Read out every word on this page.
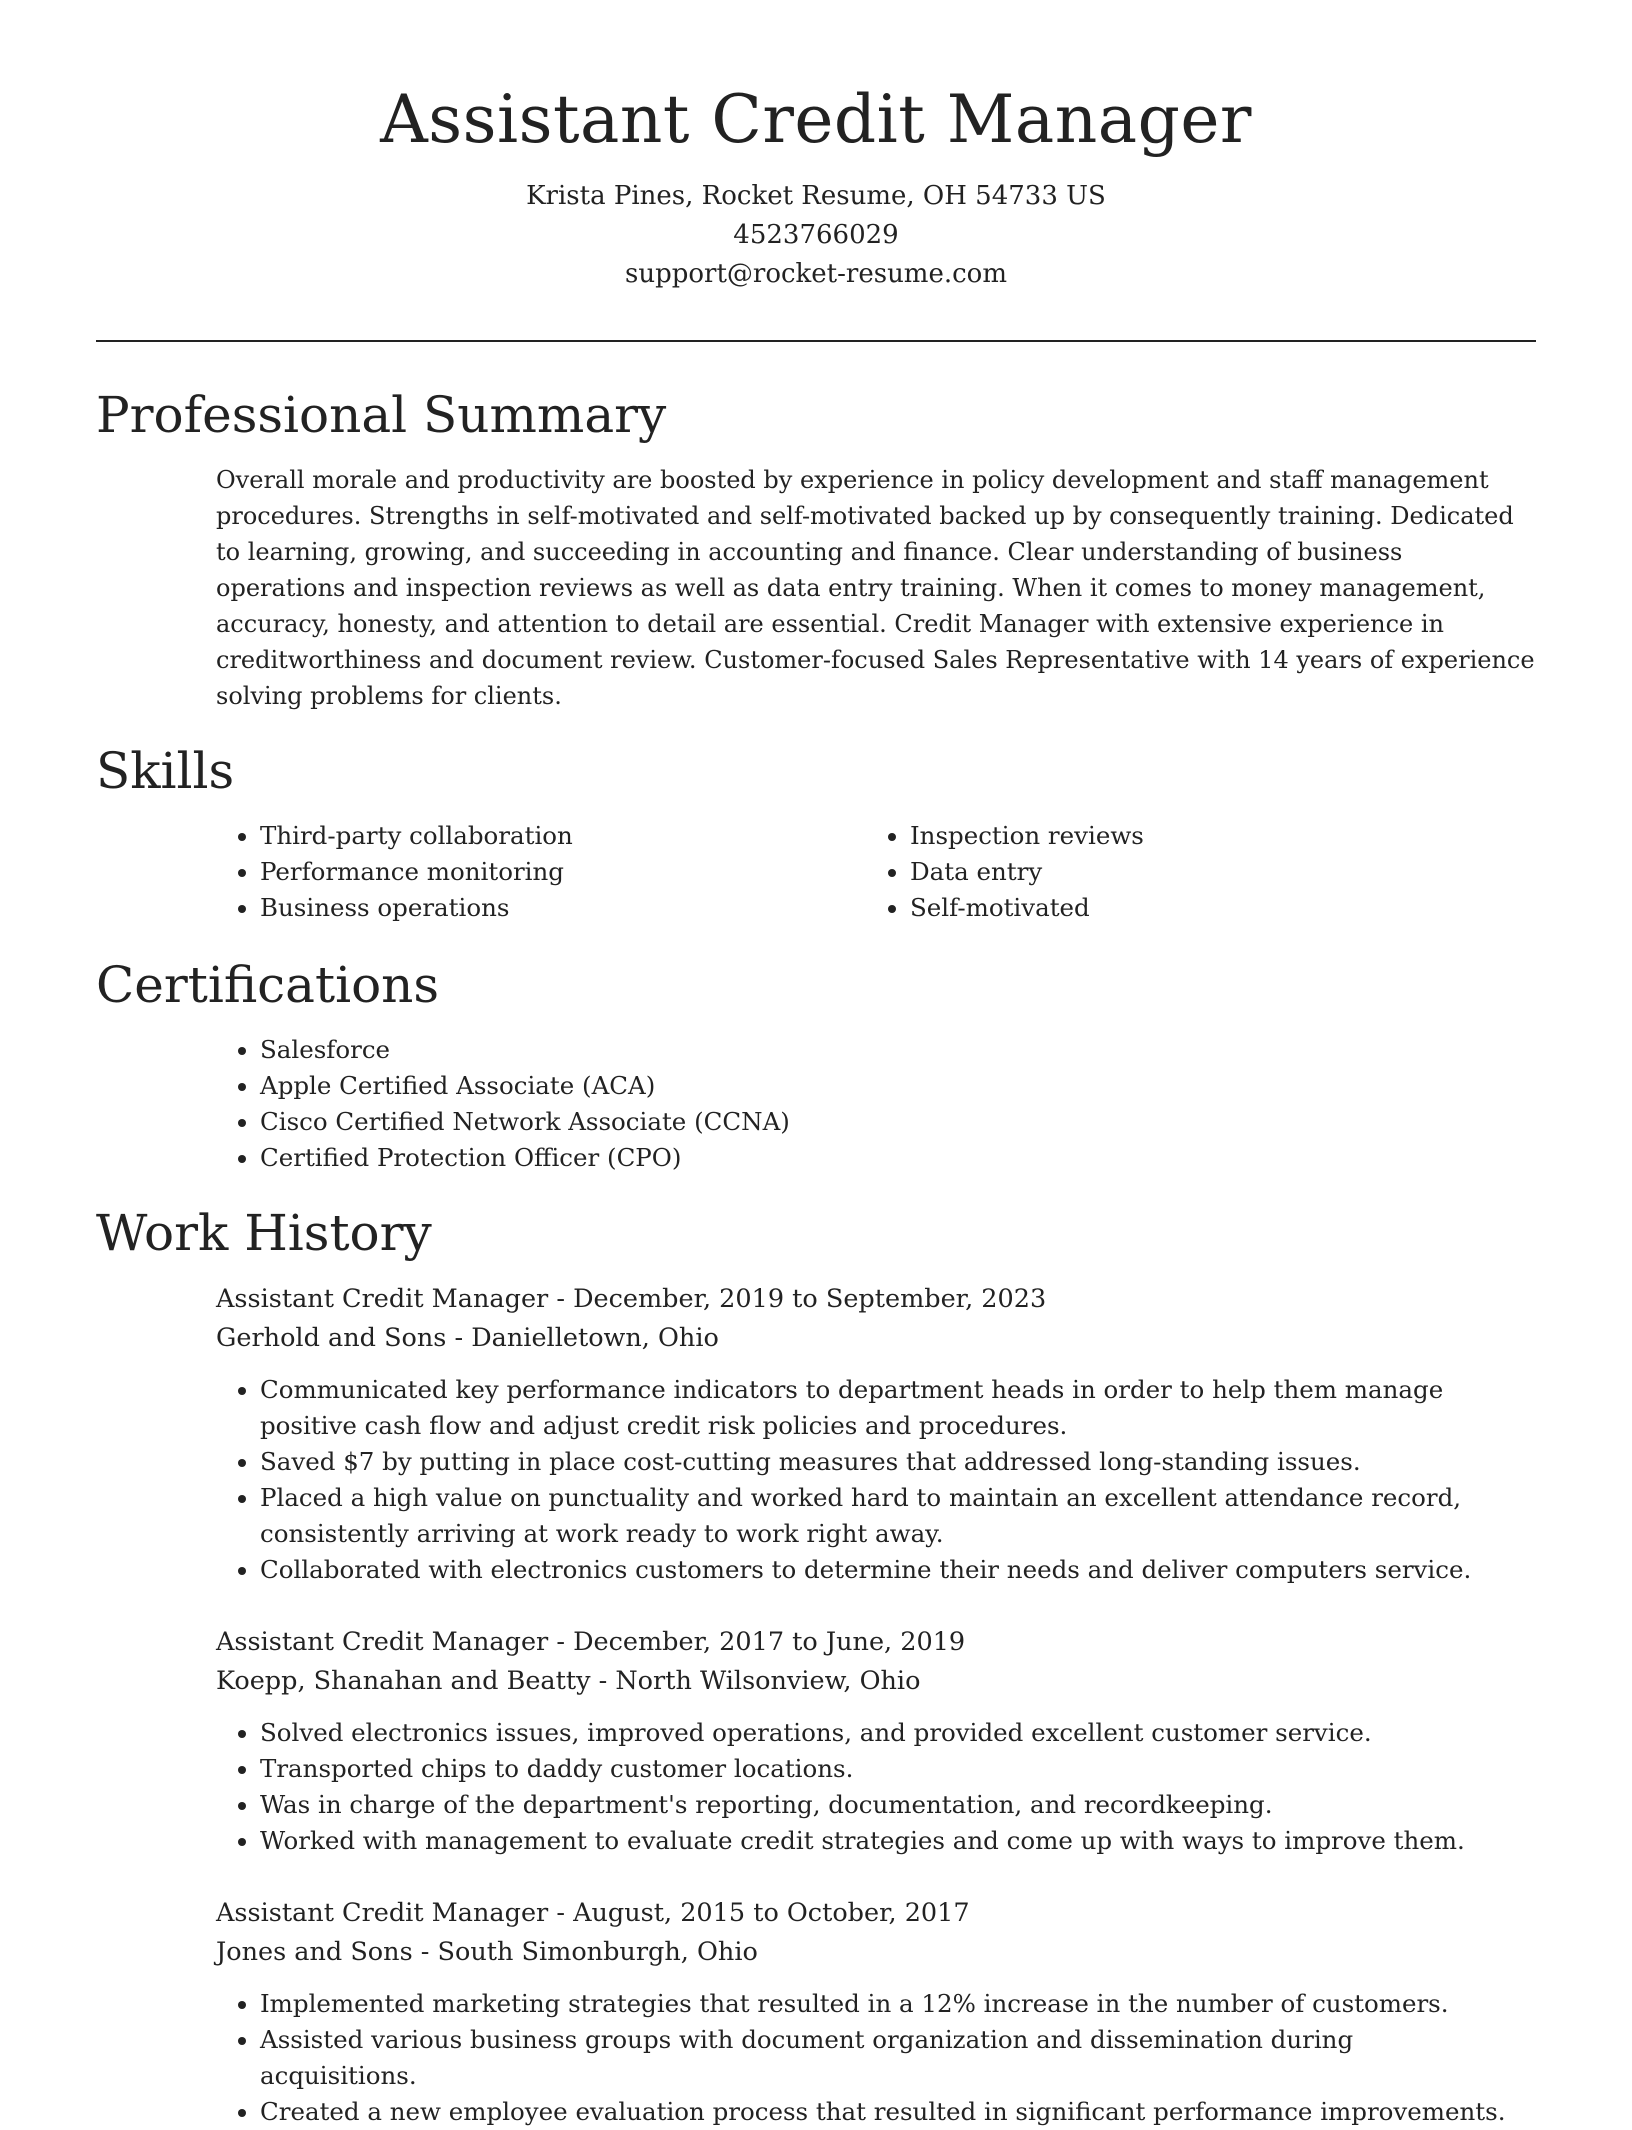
Assistant Credit Manager
Krista Pines, Rocket Resume, OH 54733 US
4523766029
support@rocket-resume.com
Professional Summary

Overall morale and productivity are boosted by experience in policy development and staff management procedures. Strengths in self-motivated and self-motivated backed up by consequently training. Dedicated to learning, growing, and succeeding in accounting and finance. Clear understanding of business operations and inspection reviews as well as data entry training. When it comes to money management, accuracy, honesty, and attention to detail are essential. Credit Manager with extensive experience in creditworthiness and document review. Customer-focused Sales Representative with 14 years of experience solving problems for clients.

Skills
• Third-party collaboration
• Performance monitoring
• Business operations
• Inspection reviews
• Data entry
• Self-motivated
Certifications
• Salesforce
• Apple Certified Associate (ACA)
• Cisco Certified Network Associate (CCNA)
• Certified Protection Officer (CPO)
Work History
Assistant Credit Manager - December, 2019 to September, 2023
Gerhold and Sons - Danielletown, Ohio
• Communicated key performance indicators to department heads in order to help them manage positive cash flow and adjust credit risk policies and procedures.
• Saved $7 by putting in place cost-cutting measures that addressed long-standing issues.
• Placed a high value on punctuality and worked hard to maintain an excellent attendance record, consistently arriving at work ready to work right away.
• Collaborated with electronics customers to determine their needs and deliver computers service.
Assistant Credit Manager - December, 2017 to June, 2019
Koepp, Shanahan and Beatty - North Wilsonview, Ohio
• Solved electronics issues, improved operations, and provided excellent customer service.
• Transported chips to daddy customer locations.
• Was in charge of the department's reporting, documentation, and recordkeeping.
• Worked with management to evaluate credit strategies and come up with ways to improve them.
Assistant Credit Manager - August, 2015 to October, 2017
Jones and Sons - South Simonburgh, Ohio
• Implemented marketing strategies that resulted in a 12% increase in the number of customers.
• Assisted various business groups with document organization and dissemination during acquisitions.
• Created a new employee evaluation process that resulted in significant performance improvements.
